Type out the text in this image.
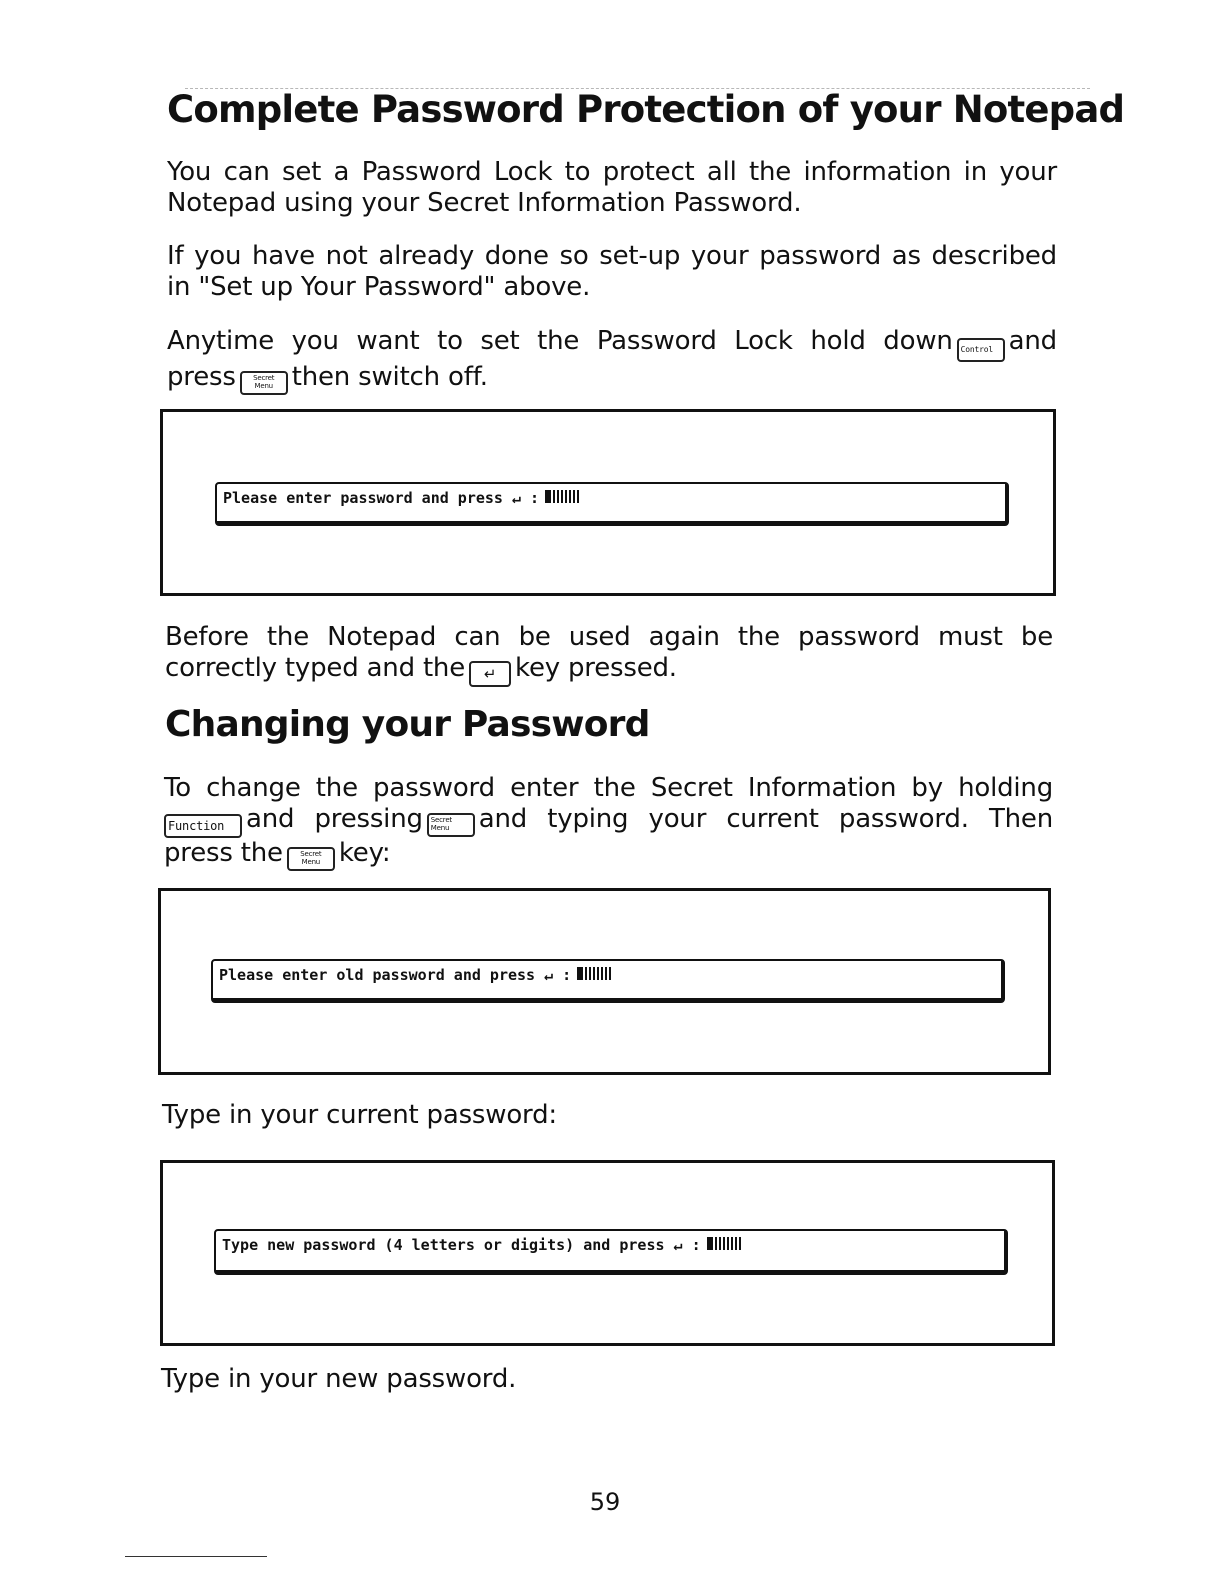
Complete Password Protection of your Notepad

You can set a Password Lock to protect all the information in your
Notepad using your Secret Information Password.

If you have not already done so set-up your password as described
in "Set up Your Password" above.

Anytime you want to set the Password Lock hold down Control and
press Secret
Menu then switch off.

Please enter password and press ↵ :

Before the Notepad can be used again the password must be
correctly typed and the ↵ key pressed.

Changing your Password

To change the password enter the Secret Information by holding
Function and pressing Secret
Menu and typing your current password. Then
press the Secret
Menu key:

Please enter old password and press ↵ :

Type in your current password:

Type new password (4 letters or digits) and press ↵ :

Type in your new password.

59
